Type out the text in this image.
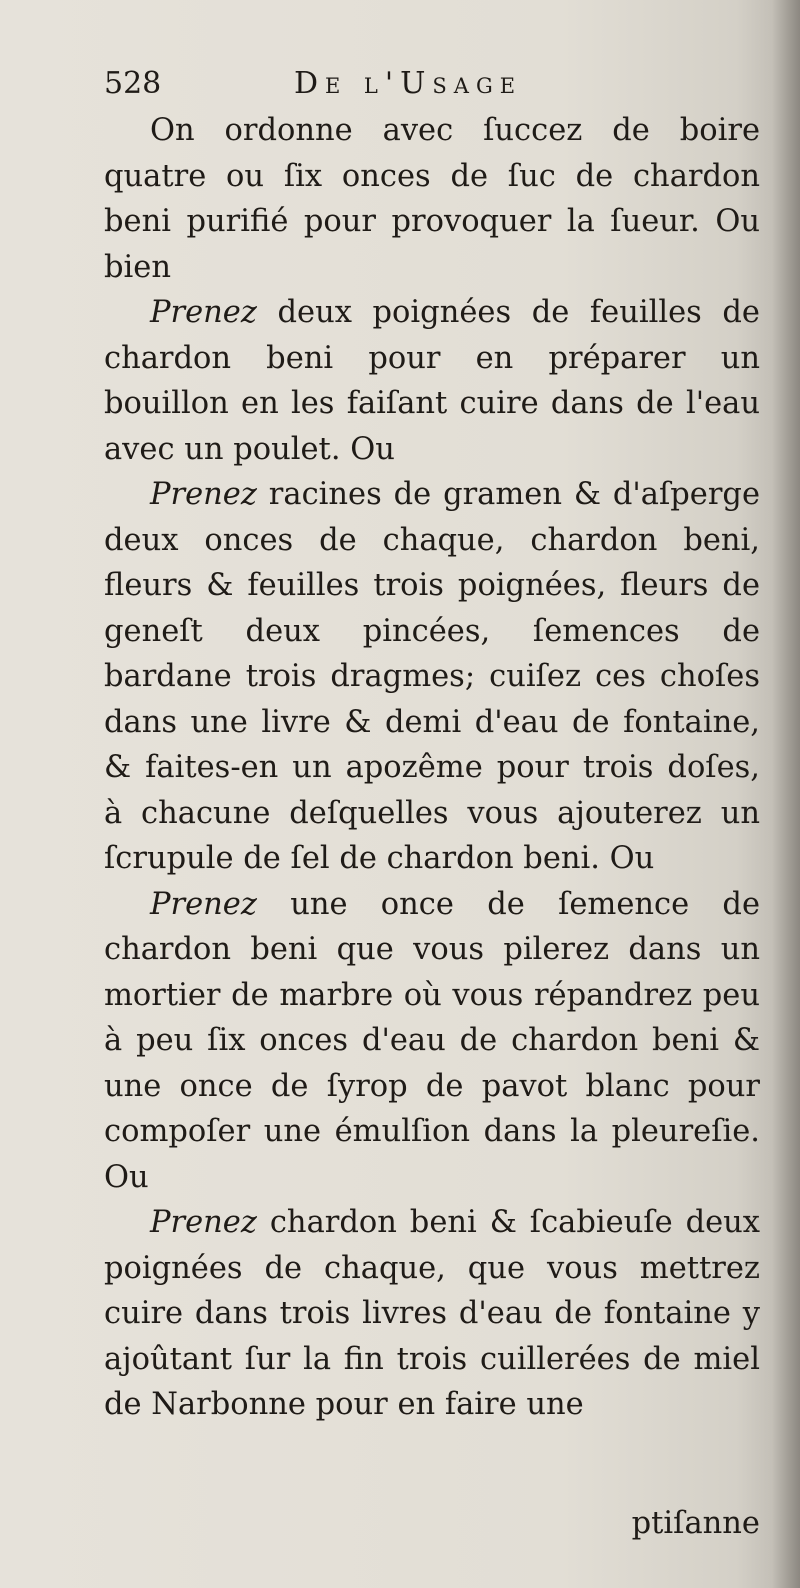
528	De l'Usage

On ordonne avec ſuccez de boire quatre ou ſix onces de ſuc de chardon beni purifié pour provoquer la ſueur. Ou bien

Prenez deux poignées de feuilles de chardon beni pour en préparer un bouillon en les faiſant cuire dans de l'eau avec un poulet. Ou

Prenez racines de gramen & d'aſperge deux onces de chaque, chardon beni, fleurs & feuilles trois poignées, fleurs de geneſt deux pincées, ſemences de bardane trois dragmes; cuiſez ces choſes dans une livre & demi d'eau de fontaine, & faites-en un apozême pour trois doſes, à chacune deſquelles vous ajouterez un ſcrupule de ſel de chardon beni. Ou

Prenez une once de ſemence de chardon beni que vous pilerez dans un mortier de marbre où vous répandrez peu à peu ſix onces d'eau de chardon beni & une once de ſyrop de pavot blanc pour compoſer une émulſion dans la pleureſie. Ou

Prenez chardon beni & ſcabieuſe deux poignées de chaque, que vous mettrez cuire dans trois livres d'eau de fontaine y ajoûtant ſur la fin trois cuillerées de miel de Narbonne pour en faire une

ptiſanne
